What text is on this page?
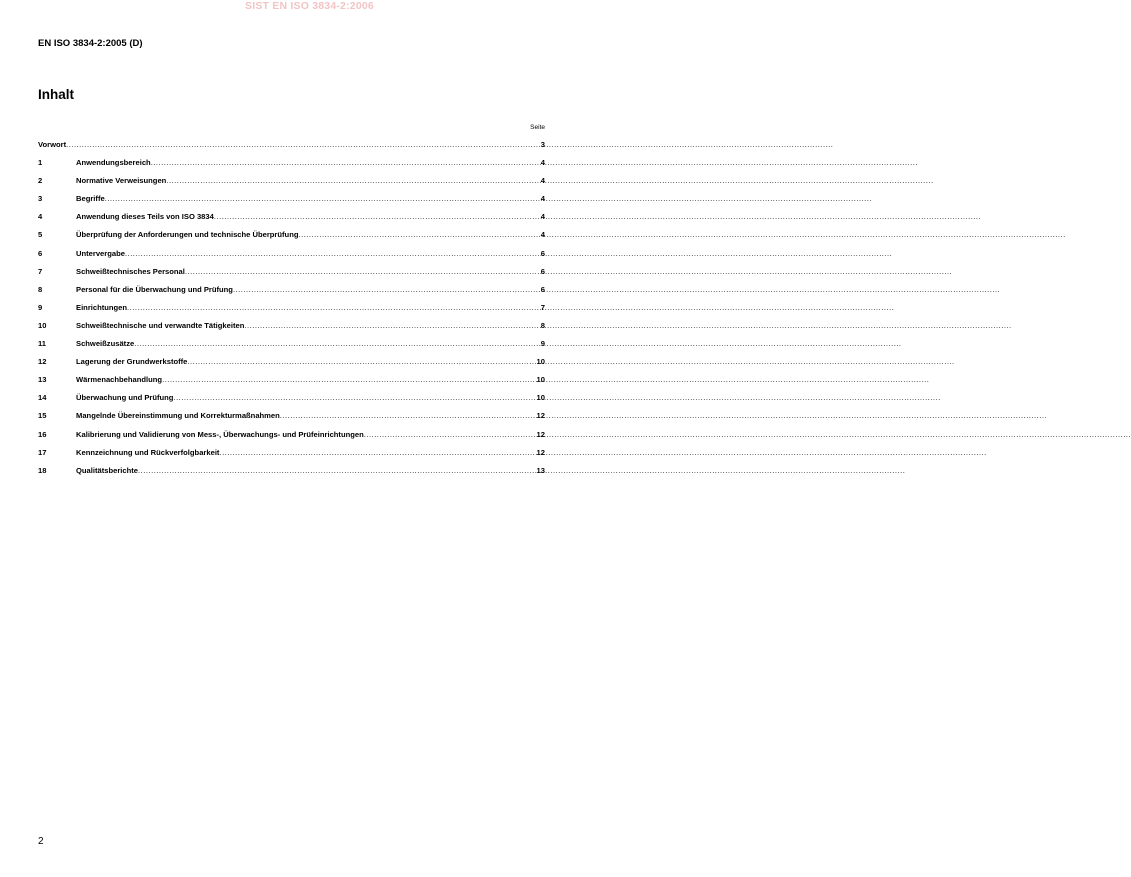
SIST EN ISO 3834-2:2006
EN ISO 3834-2:2005 (D)
Inhalt
Seite
Vorwort .....	3
1	Anwendungsbereich .....	4
2	Normative Verweisungen .....	4
3	Begriffe .....	4
4	Anwendung dieses Teils von ISO 3834 .....	4
5	Überprüfung der Anforderungen und technische Überprüfung .....	4
6	Untervergabe .....	6
7	Schweißtechnisches Personal .....	6
8	Personal für die Überwachung und Prüfung .....	6
9	Einrichtungen .....	7
10	Schweißtechnische und verwandte Tätigkeiten .....	8
11	Schweißzusätze .....	9
12	Lagerung der Grundwerkstoffe .....	10
13	Wärmenachbehandlung .....	10
14	Überwachung und Prüfung .....	10
15	Mangelnde Übereinstimmung und Korrekturmaßnahmen .....	12
16	Kalibrierung und Validierung von Mess-, Überwachungs- und Prüfeinrichtungen .....	12
17	Kennzeichnung und Rückverfolgbarkeit .....	12
18	Qualitätsberichte .....	13
2
